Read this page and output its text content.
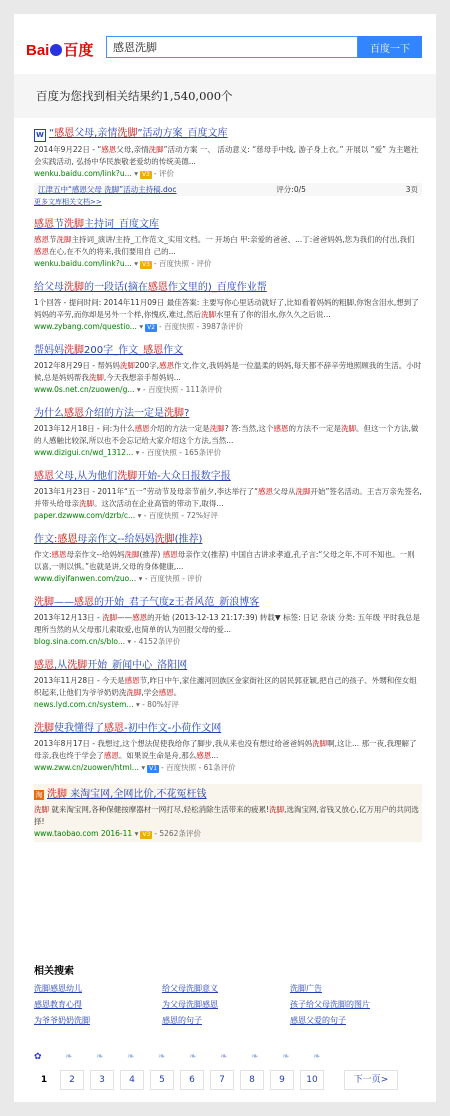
Bai 百度
感恩洗脚	百度一下
百度为您找到相关结果约1,540,000个
W “感恩父母,亲情洗脚”活动方案_百度文库
2014年9月22日 - “感恩父母,亲情洗脚”活动方案 一、 活动意义: “慈母手中线, 游子身上衣。” 开展以 “爱” 为主题社会实践活动, 弘扬中华民族敬老爱幼的传统美德...
wenku.baidu.com/link?u... ▾ V3 - 评价
江津五中“感恩父母 洗脚”活动主持稿.doc	评分:0/5	3页
更多文库相关文档>>
感恩节洗脚主持词_百度文库
感恩节洗脚主持词_演讲/主持_工作范文_实用文档。一 开场白 甲:亲爱的爸爸、...丁:爸爸妈妈,您为我们的付出,我们感恩在心,在不久的将来,我们要用自 己的...
wenku.baidu.com/link?u... ▾ V3 - 百度快照 - 评价
给父母洗脚的一段话(摘在感恩作文里的)_百度作业帮
1个回答 - 提问时间: 2014年11月09日 最佳答案: 主要写你心里话动就好了,比如看着妈妈的粗脚,你饱含泪水,想到了妈妈的辛劳,而你却是另外一个样,你愧疚,难过,然后洗脚水里有了你的泪水,你久久之后说...
www.zybang.com/questio... ▾ V2 - 百度快照 - 3987条评价
帮妈妈洗脚200字_作文_感恩作文
2012年8月29日 - 帮妈妈洗脚200字,感恩作文,作文,我妈妈是一位温柔的妈妈,每天都不辞辛劳地照顾我的生活。小时候,总是妈妈帮我洗脚,今天我想亲手帮妈妈...
www.0s.net.cn/zuowen/g... ▾ - 百度快照 - 111条评价
为什么感恩介绍的方法一定是洗脚?
2013年12月18日 - 问:为什么感恩介绍的方法一定是洗脚? 答:当然,这个感恩的方法不一定是洗脚。但这一个方法,做的人感触比较深,所以也不会忘记给大家介绍这个方法,当然...
www.dizigui.cn/wd_1312... ▾ - 百度快照 - 165条评价
感恩父母,从为他们洗脚开始-大众日报数字报
2013年1月23日 - 2011年“五一”劳动节及母亲节前夕,李达举行了“感恩父母从洗脚开始”签名活动。王吉万亲先签名,并带头给母亲洗脚。这次活动在企业高管的带动下,取得...
paper.dzwww.com/dzrb/c... ▾ - 百度快照 - 72%好评
作文:感恩母亲作文--给妈妈洗脚(推荐)
作文:感恩母亲作文--给妈妈洗脚(推荐) 感恩母亲作文(推荐) 中国自古讲求孝道,孔子言:“父母之年,不可不知也。一则以喜,一则以惧。”也就是讲,父母的身体健康,...
www.diyifanwen.com/zuo... ▾ - 百度快照 - 评价
洗脚——感恩的开始_君子气度z王者风范_新浪博客
2013年12月13日 - 洗脚——感恩的开始 (2013-12-13 21:17:39) 转载▼ 标签: 日记 杂谈 分类: 五年级 平时我总是理所当然的从父母那儿索取爱,也简单的认为回报父母的爱...
blog.sina.com.cn/s/blo... ▾ - 4152条评价
感恩,从洗脚开始_新闻中心_洛阳网
2013年11月28日 - 今天是感恩节,昨日中午,家住瀍河回族区金家街社区的居民郭亚颖,把自己的孩子、外甥和侄女组织起来,让他们为爷爷奶奶洗洗脚,学会感恩。
news.lyd.com.cn/system... ▾ - 80%好评
洗脚使我懂得了感恩-初中作文-小荷作文网
2013年8月17日 - 我想过,这个想法促使我给你了脚步,我从来也没有想过给爸爸妈妈洗脚啊,这让... 那一夜,我理解了母亲,我也终于学会了感恩。如果说生命是舟,那么感恩...
www.zww.cn/zuowen/html... ▾ V1 - 百度快照 - 61条评价
淘 洗脚 来淘宝网,全网比价,不花冤枉钱
洗脚 就来淘宝网,各种保健按摩器材一网打尽,轻松消除生活带来的疲累!洗脚,选淘宝网,省钱又放心,亿万用户的共同选择!
www.taobao.com 2016-11 ▾ V3 - 5262条评价
相关搜索
洗脚感恩幼儿	给父母洗脚意义	洗脚广告
感恩教育心得	为父母洗脚感恩	孩子给父母洗脚的图片
为爷爷奶奶洗脚	感恩的句子	感恩父爱的句子
✿	❧	❧	❧	❧	❧	❧	❧	❧	❧
1	2	3	4	5	6	7	8	9	10	下一页>
